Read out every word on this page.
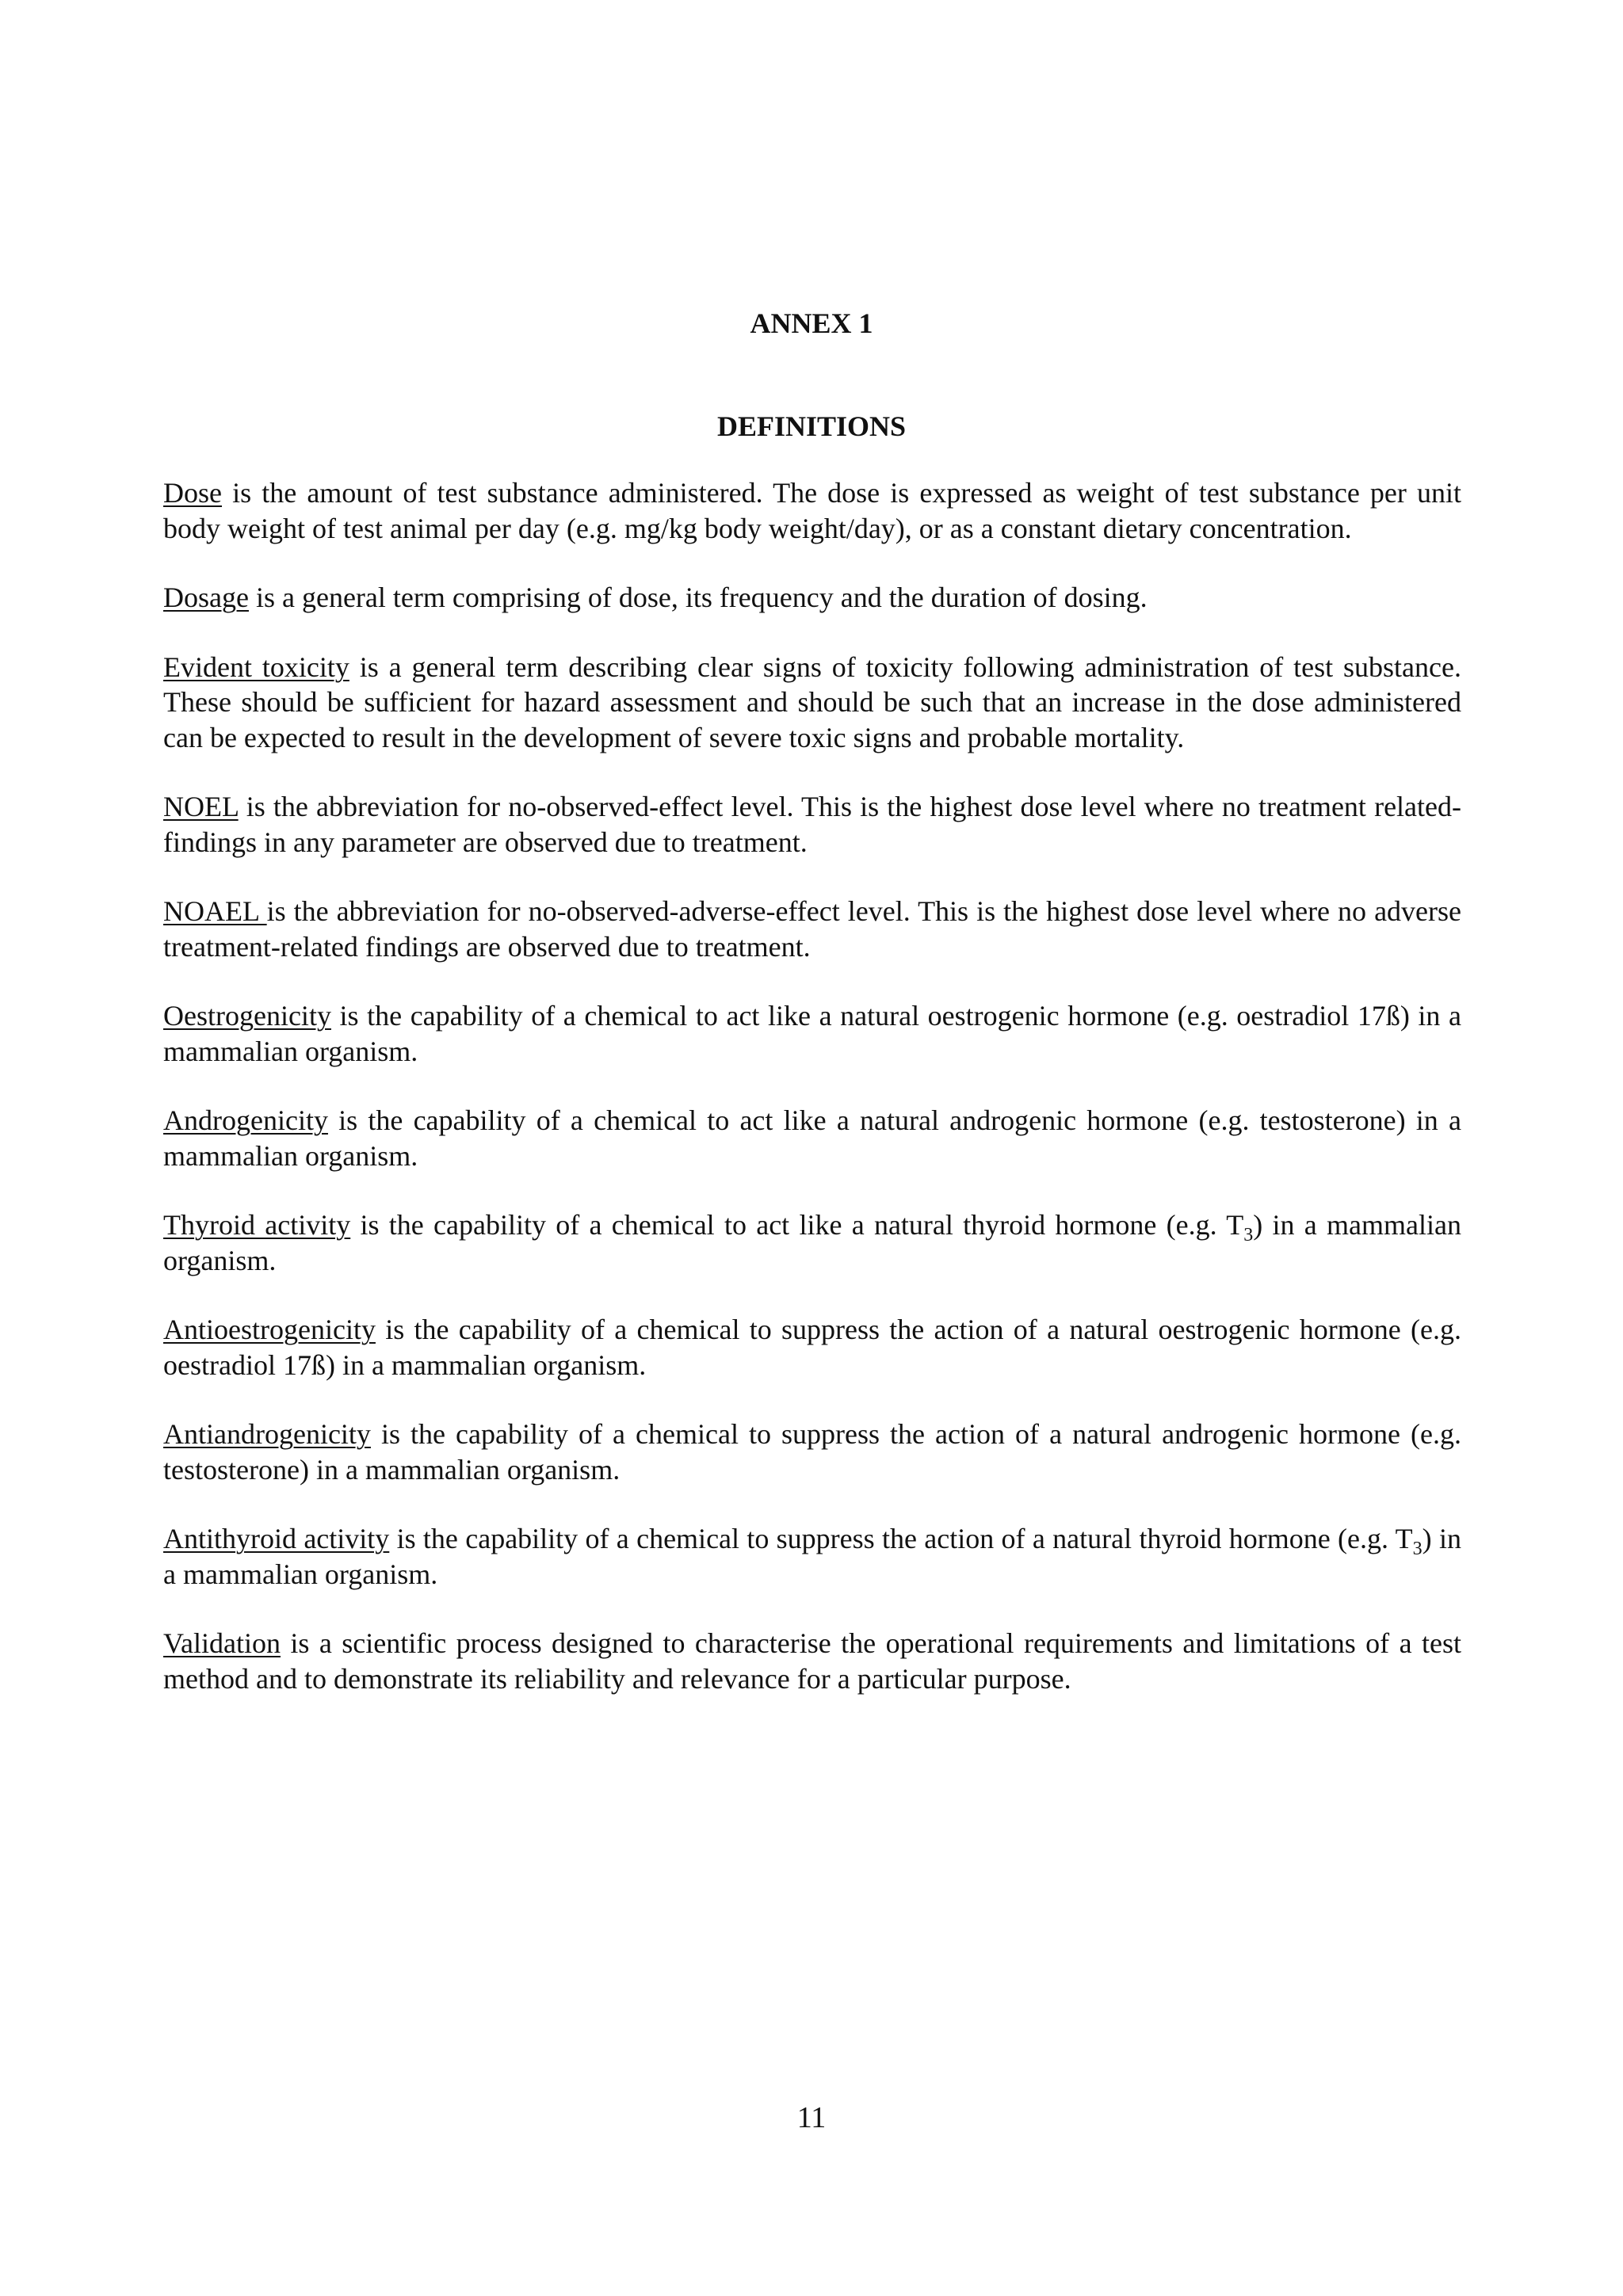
ANNEX 1
DEFINITIONS

Dose is the amount of test substance administered. The dose is expressed as weight of test substance per unit body weight of test animal per day (e.g. mg/kg body weight/day), or as a constant dietary concentration.

Dosage is a general term comprising of dose, its frequency and the duration of dosing.

Evident toxicity is a general term describing clear signs of toxicity following administration of test substance. These should be sufficient for hazard assessment and should be such that an increase in the dose administered can be expected to result in the development of severe toxic signs and probable mortality.

NOEL is the abbreviation for no-observed-effect level. This is the highest dose level where no treatment related-findings in any parameter are observed due to treatment.

NOAEL is the abbreviation for no-observed-adverse-effect level. This is the highest dose level where no adverse treatment-related findings are observed due to treatment.

Oestrogenicity is the capability of a chemical to act like a natural oestrogenic hormone (e.g. oestradiol 17ß) in a mammalian organism.

Androgenicity is the capability of a chemical to act like a natural androgenic hormone (e.g. testosterone) in a mammalian organism.

Thyroid activity is the capability of a chemical to act like a natural thyroid hormone (e.g. $T_3$) in a mammalian organism.

Antioestrogenicity is the capability of a chemical to suppress the action of a natural oestrogenic hormone (e.g. oestradiol 17ß) in a mammalian organism.

Antiandrogenicity is the capability of a chemical to suppress the action of a natural androgenic hormone (e.g. testosterone) in a mammalian organism.

Antithyroid activity is the capability of a chemical to suppress the action of a natural thyroid hormone (e.g. $T_3$) in a mammalian organism.

Validation is a scientific process designed to characterise the operational requirements and limitations of a test method and to demonstrate its reliability and relevance for a particular purpose.

11
